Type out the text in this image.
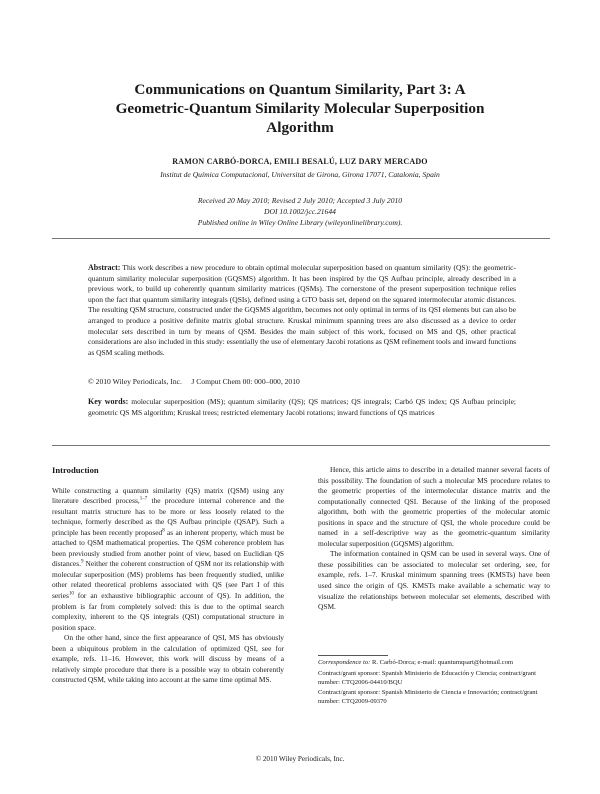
Communications on Quantum Similarity, Part 3: A
Geometric-Quantum Similarity Molecular Superposition
Algorithm
RAMON CARBÓ-DORCA, EMILI BESALÚ, LUZ DARY MERCADO
Institut de Química Computacional, Universitat de Girona, Girona 17071, Catalonia, Spain
Received 20 May 2010; Revised 2 July 2010; Accepted 3 July 2010
DOI 10.1002/jcc.21644
Published online in Wiley Online Library (wileyonlinelibrary.com).
Abstract: This work describes a new procedure to obtain optimal molecular superposition based on quantum similarity (QS): the geometric-quantum similarity molecular superposition (GQSMS) algorithm. It has been inspired by the QS Aufbau principle, already described in a previous work, to build up coherently quantum similarity matrices (QSMs). The cornerstone of the present superposition technique relies upon the fact that quantum similarity integrals (QSIs), defined using a GTO basis set, depend on the squared intermolecular atomic distances. The resulting QSM structure, constructed under the GQSMS algorithm, becomes not only optimal in terms of its QSI elements but can also be arranged to produce a positive definite matrix global structure. Kruskal minimum spanning trees are also discussed as a device to order molecular sets described in turn by means of QSM. Besides the main subject of this work, focused on MS and QS, other practical considerations are also included in this study: essentially the use of elementary Jacobi rotations as QSM refinement tools and inward functions as QSM scaling methods.
© 2010 Wiley Periodicals, Inc.     J Comput Chem 00: 000–000, 2010
Key words: molecular superposition (MS); quantum similarity (QS); QS matrices; QS integrals; Carbó QS index; QS Aufbau principle; geometric QS MS algorithm; Kruskal trees; restricted elementary Jacobi rotations; inward functions of QS matrices
Introduction

While constructing a quantum similarity (QS) matrix (QSM) using any literature described process,$^{1-7}$ the procedure internal coherence and the resultant matrix structure has to be more or less loosely related to the technique, formerly described as the QS Aufbau principle (QSAP). Such a principle has been recently proposed$^8$ as an inherent property, which must be attached to QSM mathematical properties. The QSM coherence problem has been previously studied from another point of view, based on Euclidian QS distances.$^9$ Neither the coherent construction of QSM nor its relationship with molecular superposition (MS) problems has been frequently studied, unlike other related theoretical problems associated with QS (see Part I of this series$^{10}$ for an exhaustive bibliographic account of QS). In addition, the problem is far from completely solved: this is due to the optimal search complexity, inherent to the QS integrals (QSI) computational structure in position space.

On the other hand, since the first appearance of QSI, MS has obviously been a ubiquitous problem in the calculation of optimized QSI, see for example, refs. 11–16. However, this work will discuss by means of a relatively simple procedure that there is a possible way to obtain coherently constructed QSM, while taking into account at the same time optimal MS.

Hence, this article aims to describe in a detailed manner several facets of this possibility. The foundation of such a molecular MS procedure relates to the geometric properties of the intermolecular distance matrix and the computationally connected QSI. Because of the linking of the proposed algorithm, both with the geometric properties of the molecular atomic positions in space and the structure of QSI, the whole procedure could be named in a self-descriptive way as the geometric-quantum similarity molecular superposition (GQSMS) algorithm.

The information contained in QSM can be used in several ways. One of these possibilities can be associated to molecular set ordering, see, for example, refs. 1–7. Kruskal minimum spanning trees (KMSTs) have been used since the origin of QS. KMSTs make available a schematic way to visualize the relationships between molecular set elements, described with QSM.

Correspondence to: R. Carbó-Dorca; e-mail: quantumqsart@hotmail.com

Contract/grant sponsor: Spanish Ministerio de Educación y Ciencia; contract/grant number: CTQ2006-04410/BQU

Contract/grant sponsor: Spanish Ministerio de Ciencia e Innovación; contract/grant number: CTQ2009-09370

© 2010 Wiley Periodicals, Inc.
